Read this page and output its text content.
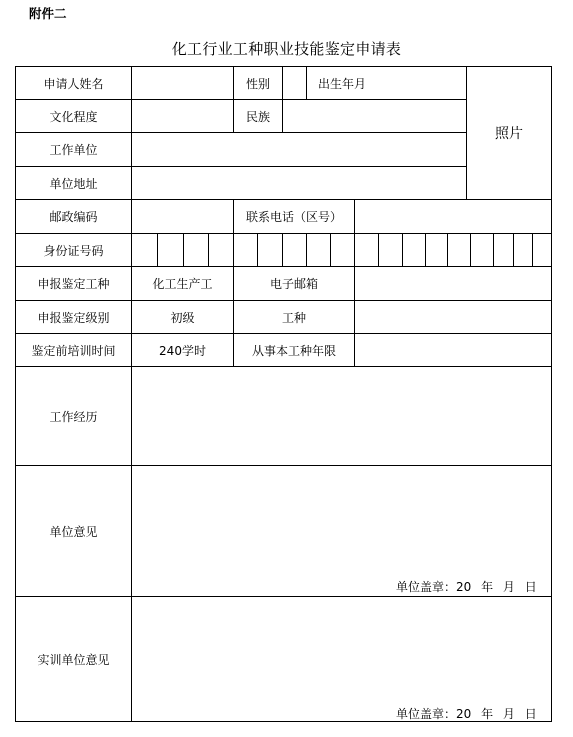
附件二
化工行业工种职业技能鉴定申请表
申请人姓名	性别	出生年月
照片
文化程度	民族
工作单位
单位地址
邮政编码	联系电话（区号）
身份证号码
申报鉴定工种	化工生产工	电子邮箱
申报鉴定级别	初级	工种
鉴定前培训时间	240学时	从事本工种年限
工作经历
单位意见
单位盖章：20 年 月 日
实训单位意见
单位盖章：20 年 月 日
